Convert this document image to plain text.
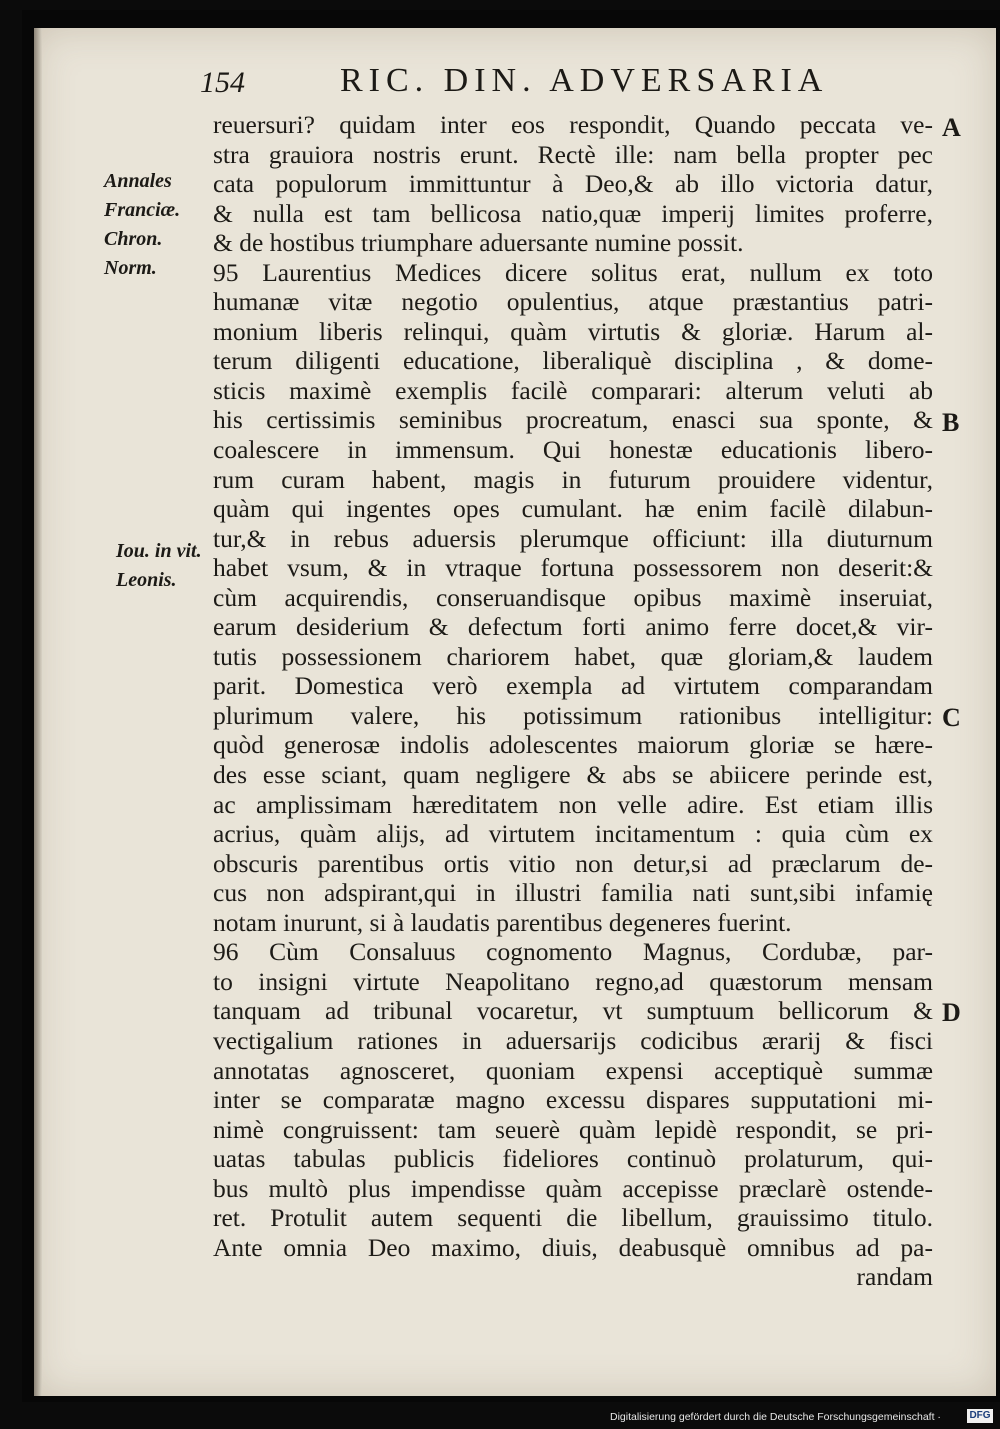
154	RIC. DIN. ADVERSARIA
Annales
Franciæ.
Chron.
Norm.
Iou. in vit.
Leonis.
A
B
C
D
reuersuri? quidam inter eos respondit, Quando peccata ve-
stra grauiora nostris erunt. Rectè ille: nam bella propter pec
cata populorum immittuntur à Deo,& ab illo victoria datur,
& nulla est tam bellicosa natio,quæ imperij limites proferre,
& de hostibus triumphare aduersante numine possit.
95 Laurentius Medices dicere solitus erat, nullum ex toto
humanæ vitæ negotio opulentius, atque præstantius patri-
monium liberis relinqui, quàm virtutis & gloriæ. Harum al-
terum diligenti educatione, liberaliquè disciplina , & dome-
sticis maximè exemplis facilè comparari: alterum veluti ab
his certissimis seminibus procreatum, enasci sua sponte, &
coalescere in immensum. Qui honestæ educationis libero-
rum curam habent, magis in futurum prouidere videntur,
quàm qui ingentes opes cumulant. hæ enim facilè dilabun-
tur,& in rebus aduersis plerumque officiunt: illa diuturnum
habet vsum, & in vtraque fortuna possessorem non deserit:&
cùm acquirendis, conseruandisque opibus maximè inseruiat,
earum desiderium & defectum forti animo ferre docet,& vir-
tutis possessionem chariorem habet, quæ gloriam,& laudem
parit. Domestica verò exempla ad virtutem comparandam
plurimum valere, his potissimum rationibus intelligitur:
quòd generosæ indolis adolescentes maiorum gloriæ se hære-
des esse sciant, quam negligere & abs se abiicere perinde est,
ac amplissimam hæreditatem non velle adire. Est etiam illis
acrius, quàm alijs, ad virtutem incitamentum : quia cùm ex
obscuris parentibus ortis vitio non detur,si ad præclarum de-
cus non adspirant,qui in illustri familia nati sunt,sibi infamię
notam inurunt, si à laudatis parentibus degeneres fuerint.
96 Cùm Consaluus cognomento Magnus, Cordubæ, par-
to insigni virtute Neapolitano regno,ad quæstorum mensam
tanquam ad tribunal vocaretur, vt sumptuum bellicorum &
vectigalium rationes in aduersarijs codicibus ærarij & fisci
annotatas agnosceret, quoniam expensi acceptiquè summæ
inter se comparatæ magno excessu dispares supputationi mi-
nimè congruissent: tam seuerè quàm lepidè respondit, se pri-
uatas tabulas publicis fideliores continuò prolaturum, qui-
bus multò plus impendisse quàm accepisse præclarè ostende-
ret. Protulit autem sequenti die libellum, grauissimo titulo.
Ante omnia Deo maximo, diuis, deabusquè omnibus ad pa-
randam
Digitalisierung gefördert durch die Deutsche Forschungsgemeinschaft ·	DFG
